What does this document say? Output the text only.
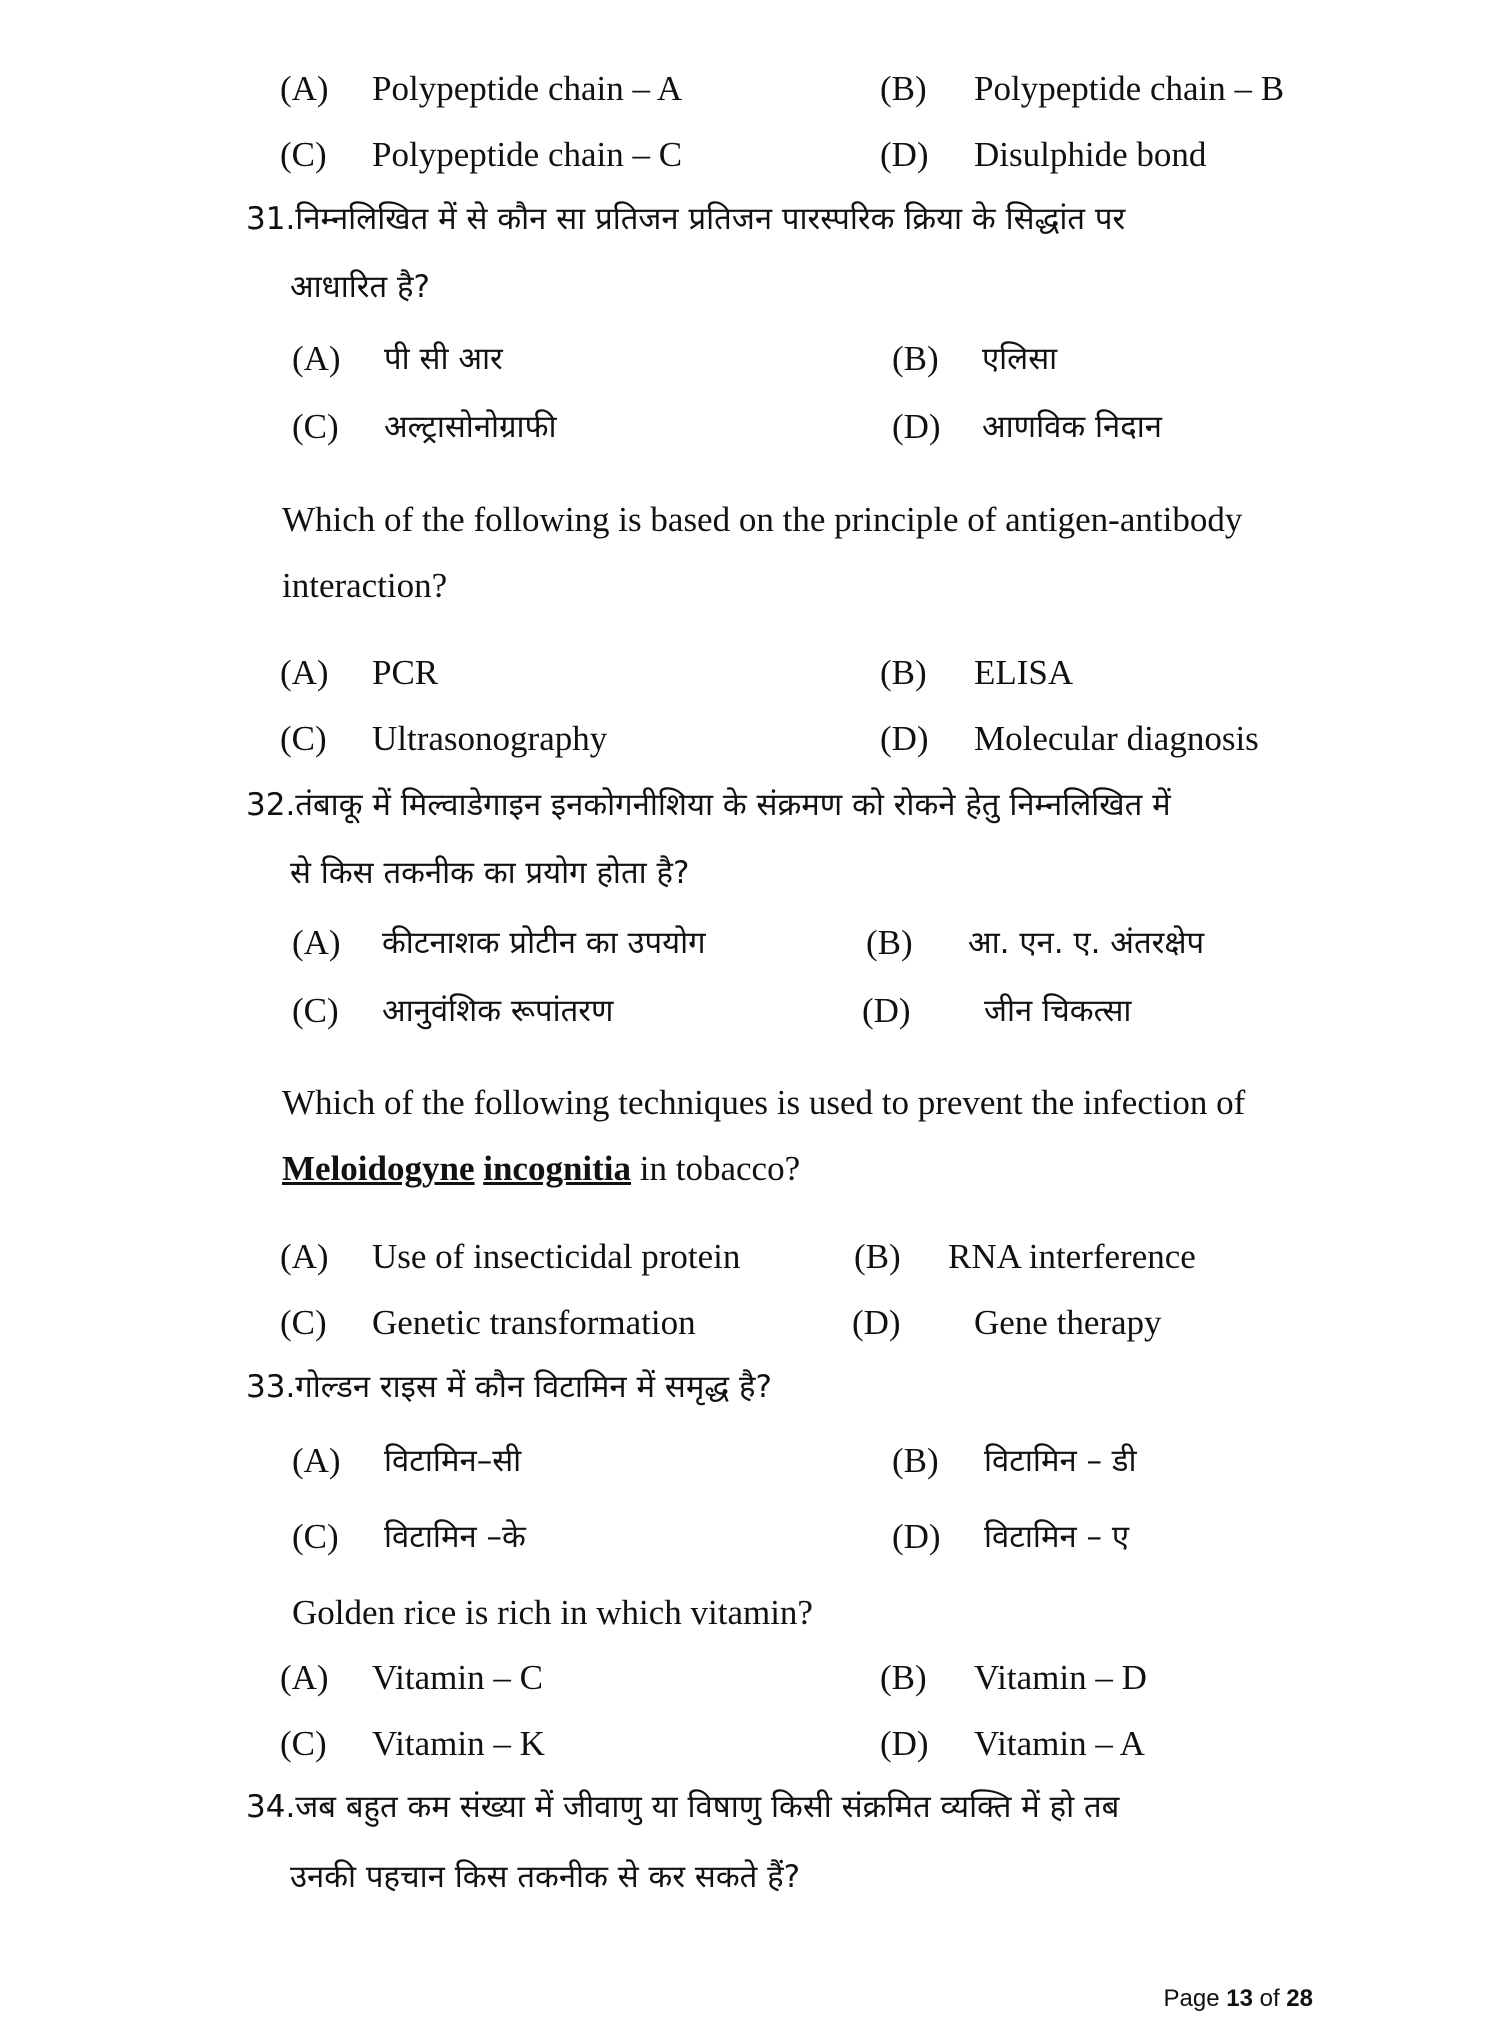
(A) Polypeptide chain – A	(B) Polypeptide chain – B
(C) Polypeptide chain – C	(D) Disulphide bond
31.निम्नलिखित में से कौन सा प्रतिजन प्रतिजन पारस्परिक क्रिया के सिद्धांत पर
आधारित है?
(A) पी सी आर	(B) एलिसा
(C) अल्ट्रासोनोग्राफी	(D) आणविक निदान
Which of the following is based on the principle of antigen-antibody
interaction?
(A) PCR	(B) ELISA
(C) Ultrasonography	(D) Molecular diagnosis
32.तंबाकू में मिल्वाडेगाइन इनकोगनीशिया के संक्रमण को रोकने हेतु निम्नलिखित में
से किस तकनीक का प्रयोग होता है?
(A) कीटनाशक प्रोटीन का उपयोग	(B) आ. एन. ए. अंतरक्षेप
(C) आनुवंशिक रूपांतरण	(D) जीन चिकत्सा
Which of the following techniques is used to prevent the infection of
Meloidogyne incognitia in tobacco?
(A) Use of insecticidal protein	(B) RNA interference
(C) Genetic transformation	(D) Gene therapy
33.गोल्डन राइस में कौन विटामिन में समृद्ध है?
(A) विटामिन–सी	(B) विटामिन – डी
(C) विटामिन –के	(D) विटामिन – ए
Golden rice is rich in which vitamin?
(A) Vitamin – C	(B) Vitamin – D
(C) Vitamin – K	(D) Vitamin – A
34.जब बहुत कम संख्या में जीवाणु या विषाणु किसी संक्रमित व्यक्ति में हो तब
उनकी पहचान किस तकनीक से कर सकते हैं?
Page 13 of 28
